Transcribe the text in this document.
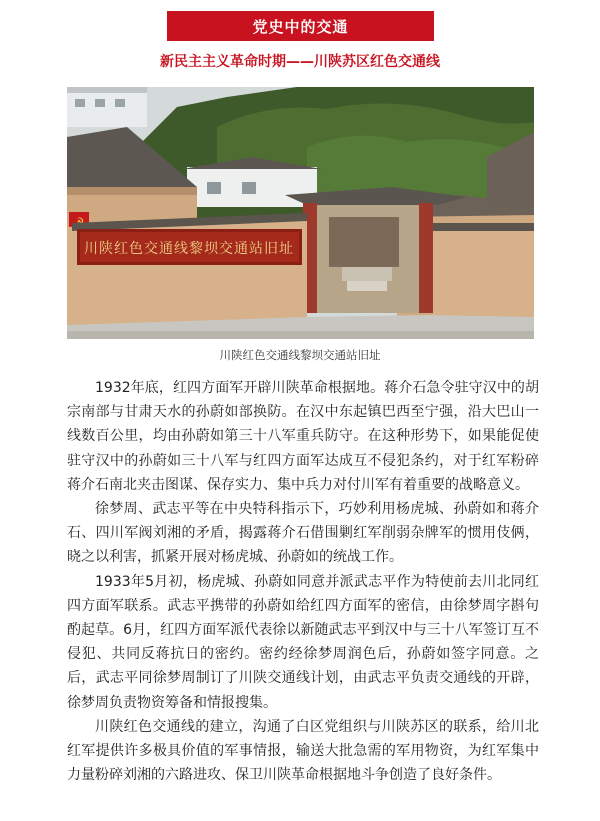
党史中的交通
新民主主义革命时期——川陕苏区红色交通线
川陕红色交通线黎坝交通站旧址
川陕红色交通线黎坝交通站旧址

1932年底，红四方面军开辟川陕革命根据地。蒋介石急令驻守汉中的胡宗南部与甘肃天水的孙蔚如部换防。在汉中东起镇巴西至宁强，沿大巴山一线数百公里，均由孙蔚如第三十八军重兵防守。在这种形势下，如果能促使驻守汉中的孙蔚如三十八军与红四方面军达成互不侵犯条约，对于红军粉碎蒋介石南北夹击图谋、保存实力、集中兵力对付川军有着重要的战略意义。

徐梦周、武志平等在中央特科指示下，巧妙利用杨虎城、孙蔚如和蒋介石、四川军阀刘湘的矛盾，揭露蒋介石借围剿红军削弱杂牌军的惯用伎俩，晓之以利害，抓紧开展对杨虎城、孙蔚如的统战工作。

1933年5月初，杨虎城、孙蔚如同意并派武志平作为特使前去川北同红四方面军联系。武志平携带的孙蔚如给红四方面军的密信，由徐梦周字斟句酌起草。6月，红四方面军派代表徐以新随武志平到汉中与三十八军签订互不侵犯、共同反蒋抗日的密约。密约经徐梦周润色后，孙蔚如签字同意。之后，武志平同徐梦周制订了川陕交通线计划，由武志平负责交通线的开辟，徐梦周负责物资筹备和情报搜集。

川陕红色交通线的建立，沟通了白区党组织与川陕苏区的联系，给川北红军提供许多极具价值的军事情报，输送大批急需的军用物资，为红军集中力量粉碎刘湘的六路进攻、保卫川陕革命根据地斗争创造了良好条件。
